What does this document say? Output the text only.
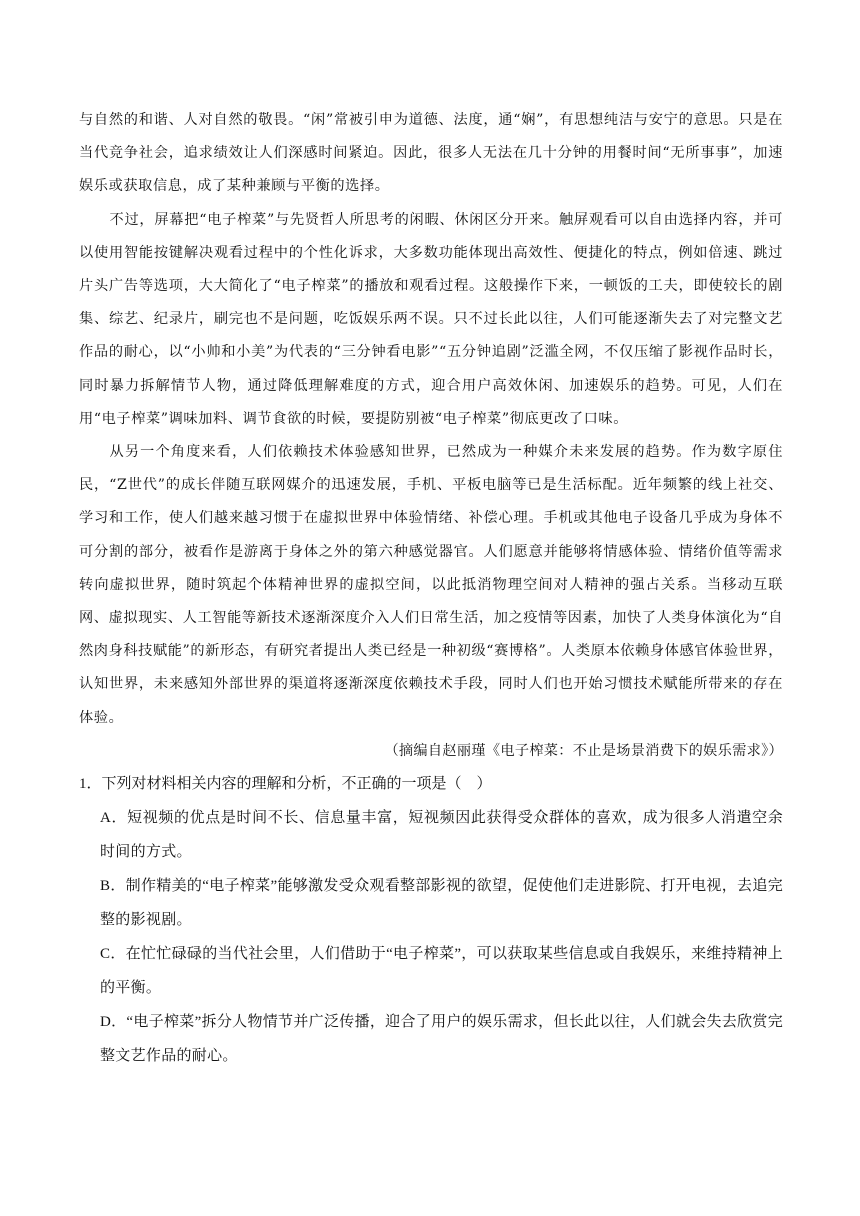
与自然的和谐、人对自然的敬畏。“闲”常被引申为道德、法度，通“娴”，有思想纯洁与安宁的意思。只是在当代竞争社会，追求绩效让人们深感时间紧迫。因此，很多人无法在几十分钟的用餐时间“无所事事”，加速娱乐或获取信息，成了某种兼顾与平衡的选择。

不过，屏幕把“电子榨菜”与先贤哲人所思考的闲暇、休闲区分开来。触屏观看可以自由选择内容，并可以使用智能按键解决观看过程中的个性化诉求，大多数功能体现出高效性、便捷化的特点，例如倍速、跳过片头广告等选项，大大简化了“电子榨菜”的播放和观看过程。这般操作下来，一顿饭的工夫，即使较长的剧集、综艺、纪录片，刷完也不是问题，吃饭娱乐两不误。只不过长此以往，人们可能逐渐失去了对完整文艺作品的耐心，以“小帅和小美”为代表的“三分钟看电影”“五分钟追剧”泛滥全网，不仅压缩了影视作品时长，同时暴力拆解情节人物，通过降低理解难度的方式，迎合用户高效休闲、加速娱乐的趋势。可见，人们在用“电子榨菜”调味加料、调节食欲的时候，要提防别被“电子榨菜”彻底更改了口味。

从另一个角度来看，人们依赖技术体验感知世界，已然成为一种媒介未来发展的趋势。作为数字原住民，“Z世代”的成长伴随互联网媒介的迅速发展，手机、平板电脑等已是生活标配。近年频繁的线上社交、学习和工作，使人们越来越习惯于在虚拟世界中体验情绪、补偿心理。手机或其他电子设备几乎成为身体不可分割的部分，被看作是游离于身体之外的第六种感觉器官。人们愿意并能够将情感体验、情绪价值等需求转向虚拟世界，随时筑起个体精神世界的虚拟空间，以此抵消物理空间对人精神的强占关系。当移动互联网、虚拟现实、人工智能等新技术逐渐深度介入人们日常生活，加之疫情等因素，加快了人类身体演化为“自然肉身科技赋能”的新形态，有研究者提出人类已经是一种初级“赛博格”。人类原本依赖身体感官体验世界，认知世界，未来感知外部世界的渠道将逐渐深度依赖技术手段，同时人们也开始习惯技术赋能所带来的存在体验。

（摘编自赵丽瑾《电子榨菜：不止是场景消费下的娱乐需求》）

1．下列对材料相关内容的理解和分析，不正确的一项是（　）

A．短视频的优点是时间不长、信息量丰富，短视频因此获得受众群体的喜欢，成为很多人消遣空余时间的方式。

B．制作精美的“电子榨菜”能够激发受众观看整部影视的欲望，促使他们走进影院、打开电视，去追完整的影视剧。

C．在忙忙碌碌的当代社会里，人们借助于“电子榨菜”，可以获取某些信息或自我娱乐，来维持精神上的平衡。

D．“电子榨菜”拆分人物情节并广泛传播，迎合了用户的娱乐需求，但长此以往，人们就会失去欣赏完整文艺作品的耐心。
